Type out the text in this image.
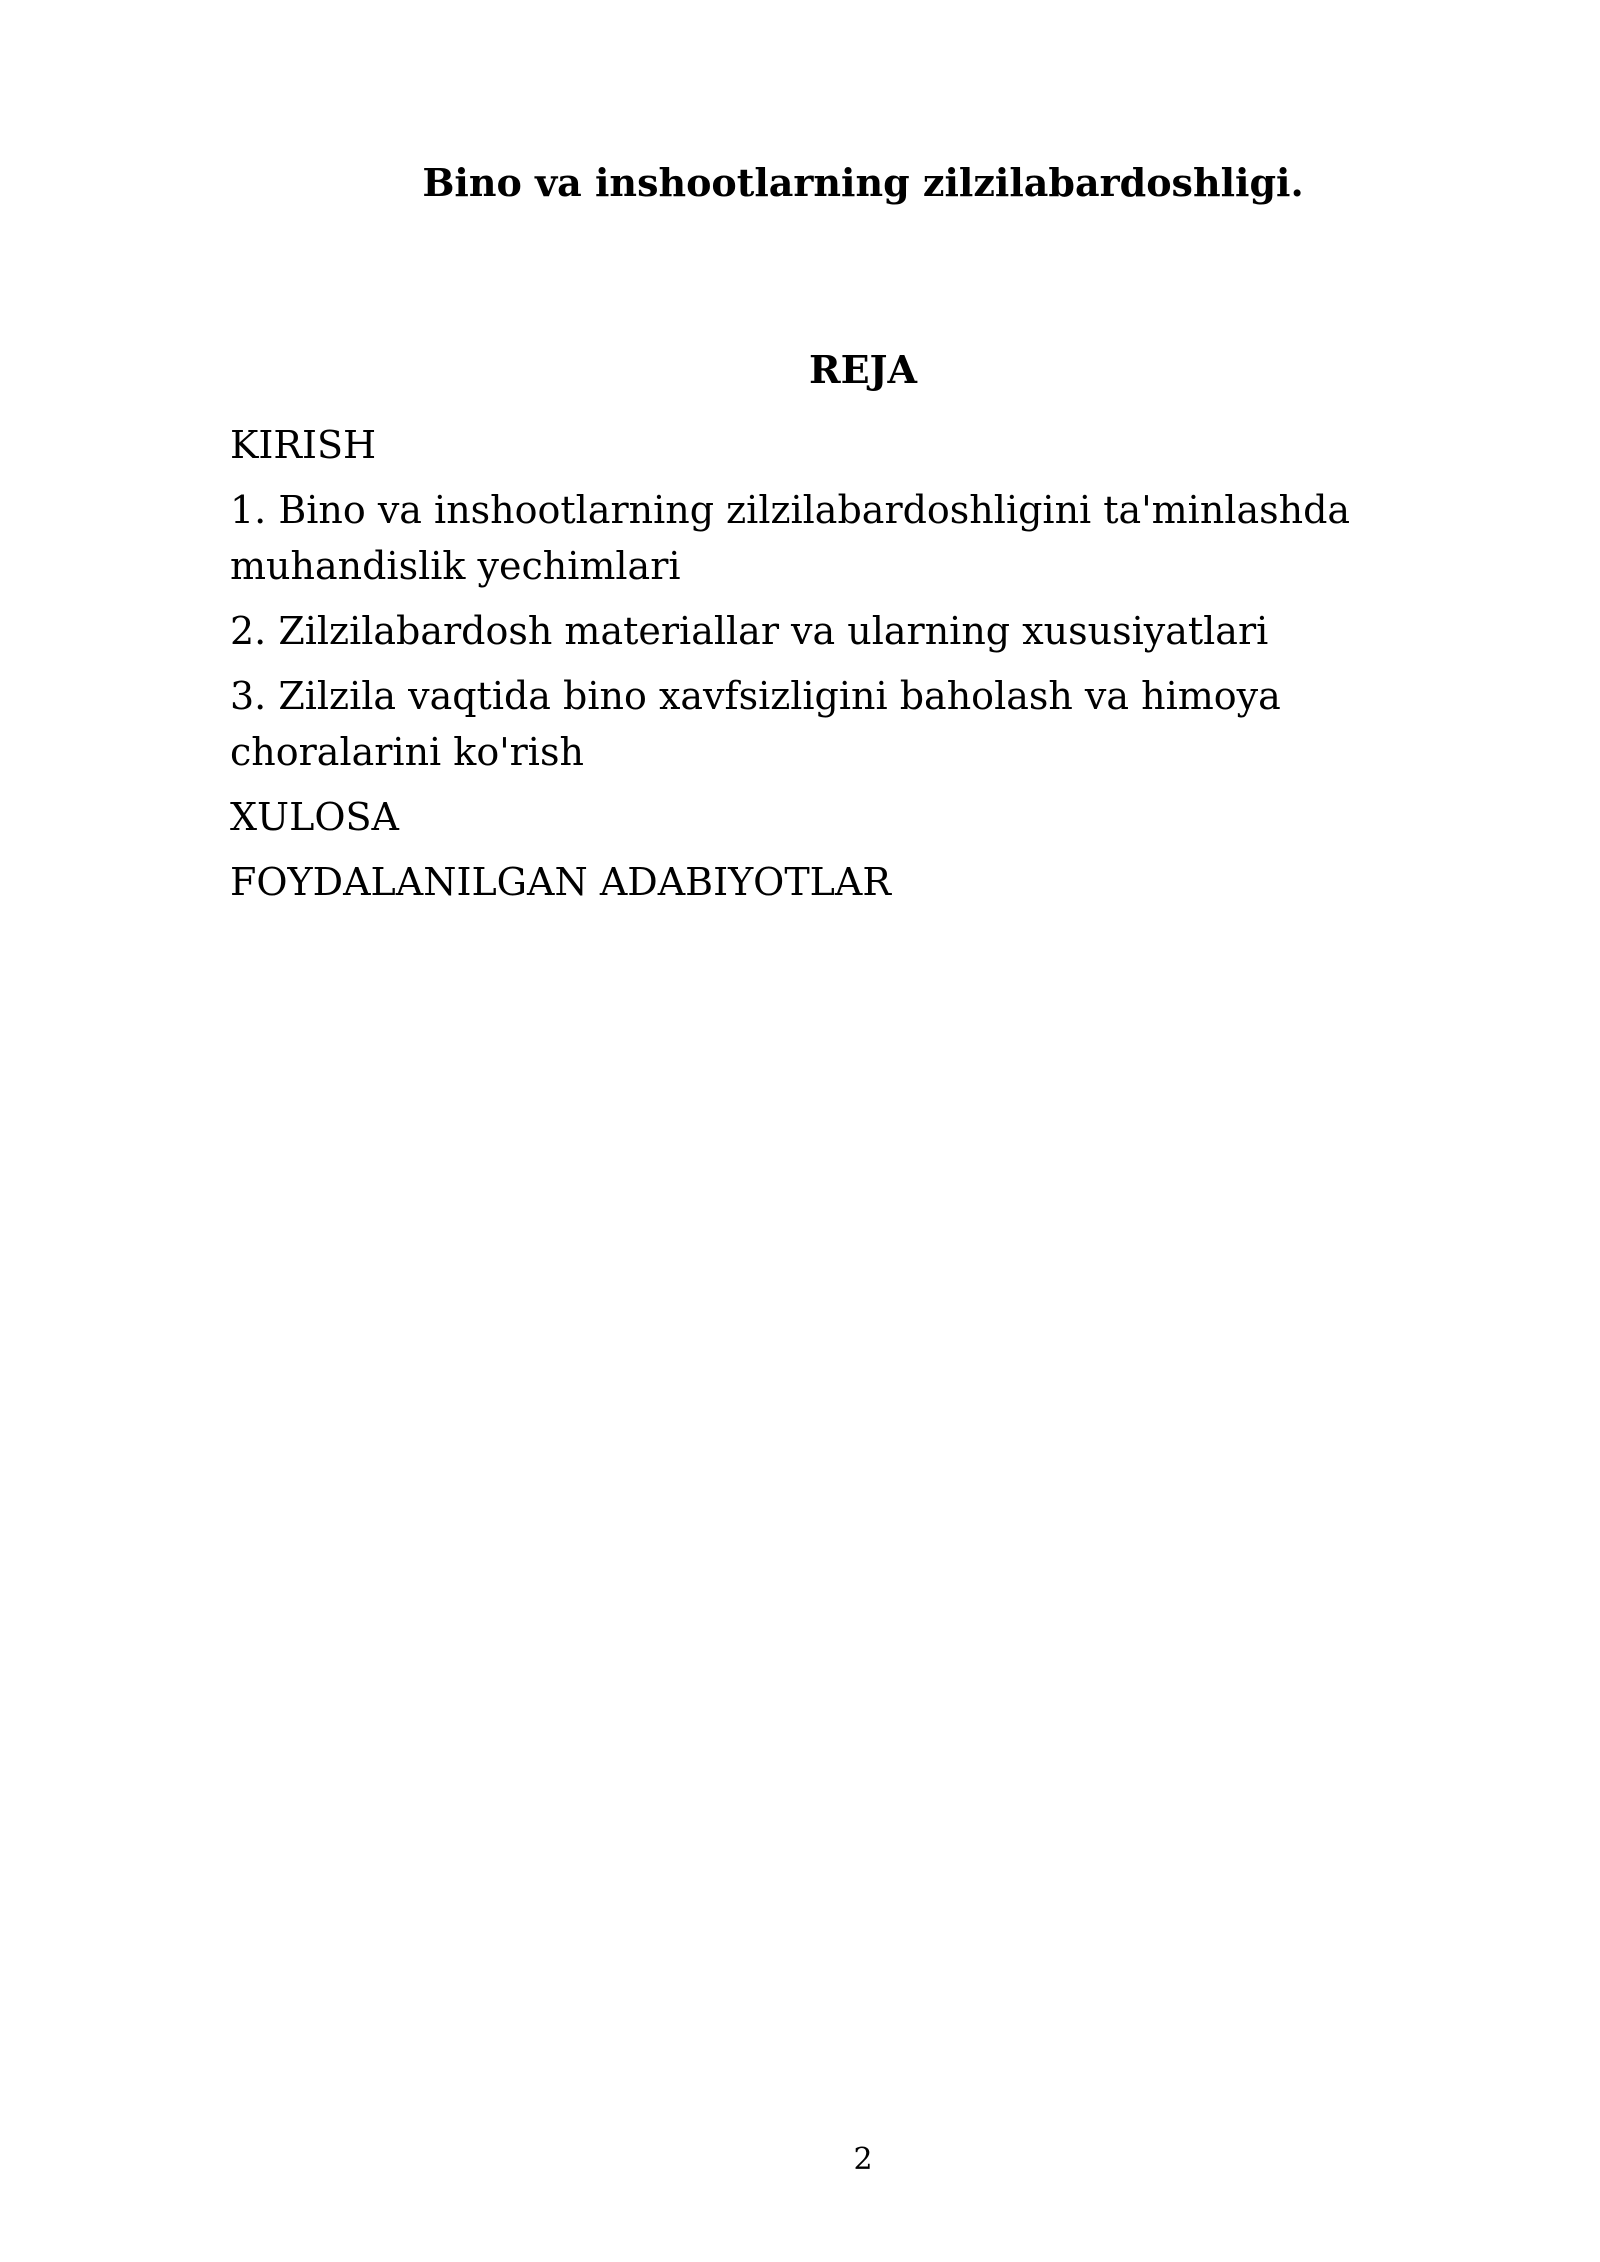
Bino va inshootlarning zilzilabardoshligi.
REJA
KIRISH
1. Bino va inshootlarning zilzilabardoshligini ta'minlashda muhandislik yechimlari
2. Zilzilabardosh materiallar va ularning xususiyatlari
3. Zilzila vaqtida bino xavfsizligini baholash va himoya choralarini ko'rish
XULOSA
FOYDALANILGAN ADABIYOTLAR
2
